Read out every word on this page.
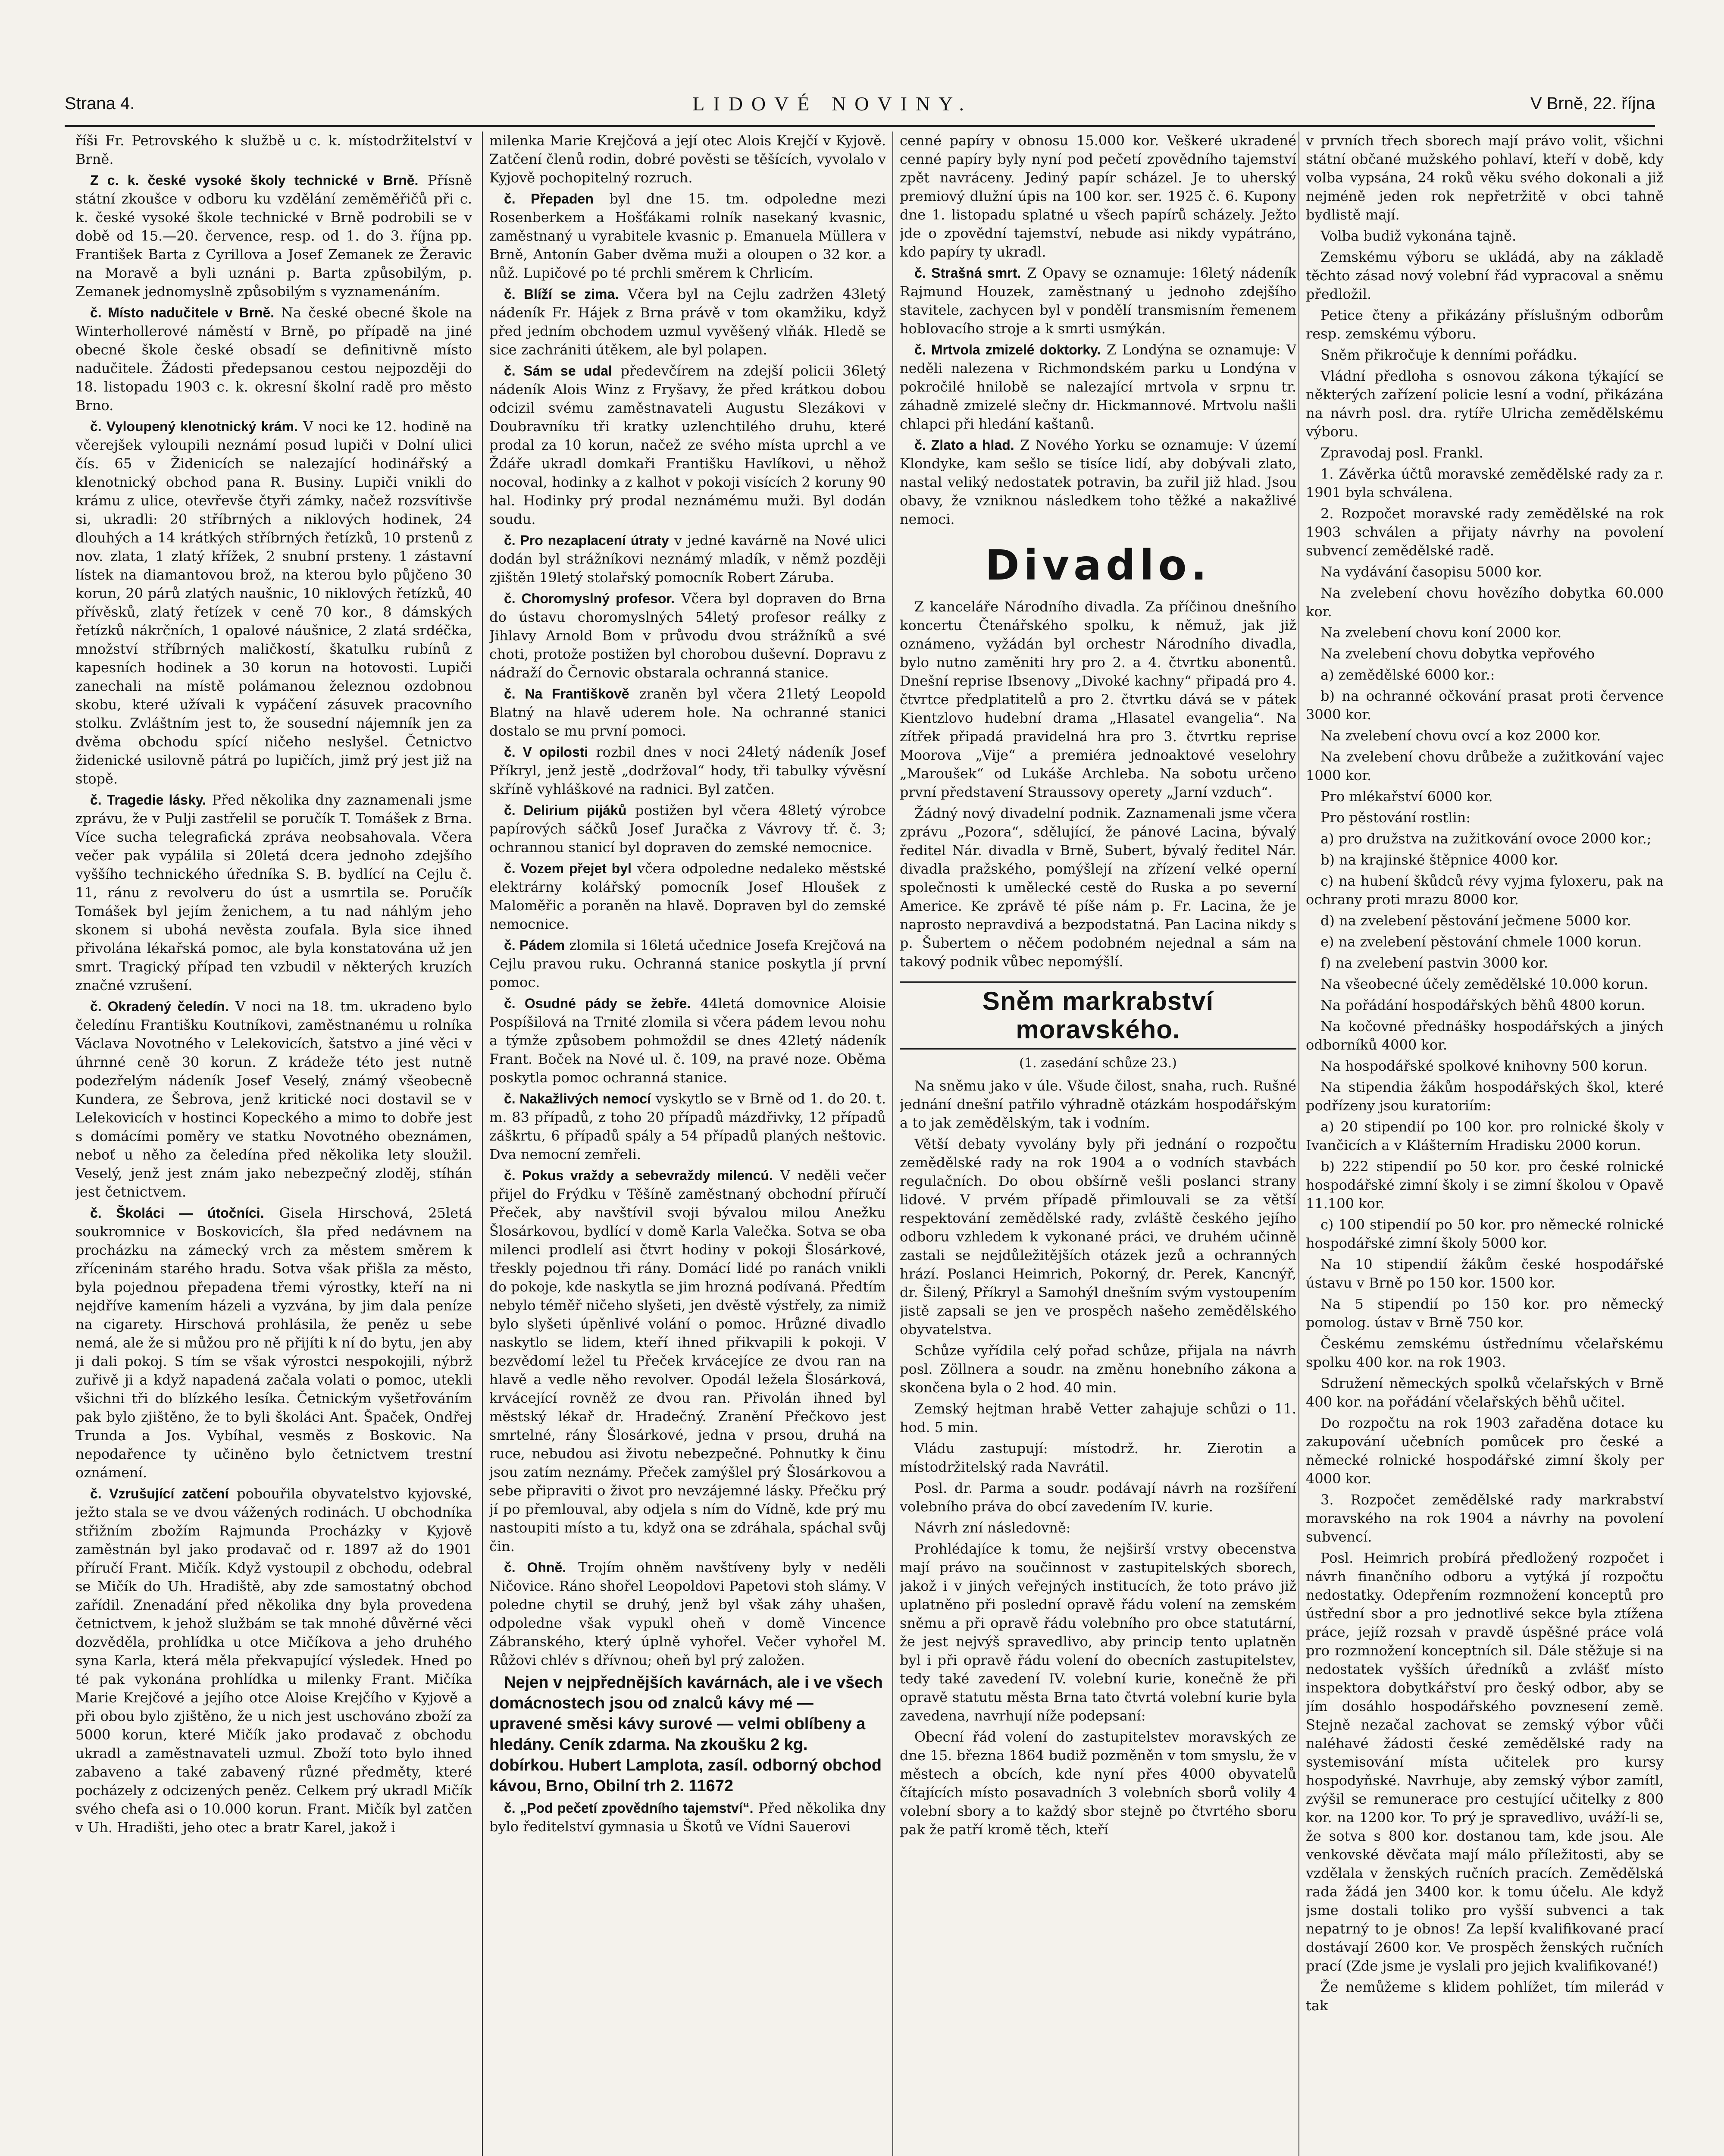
Strana 4.	LIDOVÉ NOVINY.	V Brně, 22. října

říši Fr. Petrovského k službě u c. k. místodržitelství v Brně.

Z c. k. české vysoké školy technické v Brně. Přísně státní zkoušce v odboru ku vzdělání zeměměřičů při c. k. české vysoké škole technické v Brně podrobili se v době od 15.—20. července, resp. od 1. do 3. října pp. František Barta z Cyrillova a Josef Zemanek ze Žeravic na Moravě a byli uznáni p. Barta způsobilým, p. Zemanek jednomyslně způsobilým s vyznamenáním.

č. Místo nadučitele v Brně. Na české obecné škole na Winterhollerové náměstí v Brně, po případě na jiné obecné škole české obsadí se definitivně místo nadučitele. Žádosti předepsanou cestou nejpozději do 18. listopadu 1903 c. k. okresní školní radě pro město Brno.

č. Vyloupený klenotnický krám. V noci ke 12. hodině na včerejšek vyloupili neznámí posud lupiči v Dolní ulici čís. 65 v Židenicích se nalezající hodinářský a klenotnický obchod pana R. Businy. Lupiči vnikli do krámu z ulice, otevřevše čtyři zámky, načež rozsvítivše si, ukradli: 20 stříbrných a niklových hodinek, 24 dlouhých a 14 krátkých stříbrných řetízků, 10 prstenů z nov. zlata, 1 zlatý křížek, 2 snubní prsteny. 1 zástavní lístek na diamantovou brož, na kterou bylo půjčeno 30 korun, 20 párů zlatých naušnic, 10 niklových řetízků, 40 přívěsků, zlatý řetízek v ceně 70 kor., 8 dámských řetízků nákrčních, 1 opalové náušnice, 2 zlatá srdéčka, množství stříbrných maličkostí, škatulku rubínů z kapesních hodinek a 30 korun na hotovosti. Lupiči zanechali na místě polámanou železnou ozdobnou skobu, které užívali k vypáčení zásuvek pracovního stolku. Zvláštním jest to, že sousední nájemník jen za dvěma obchodu spící ničeho neslyšel. Četnictvo židenické usilovně pátrá po lupičích, jimž prý jest již na stopě.

č. Tragedie lásky. Před několika dny zaznamenali jsme zprávu, že v Pulji zastřelil se poručík T. Tomášek z Brna. Více sucha telegrafická zpráva neobsahovala. Včera večer pak vypálila si 20letá dcera jednoho zdejšího vyššího technického úředníka S. B. bydlící na Cejlu č. 11, ránu z revolveru do úst a usmrtila se. Poručík Tomášek byl jejím ženichem, a tu nad náhlým jeho skonem si ubohá nevěsta zoufala. Byla sice ihned přivolána lékařská pomoc, ale byla konstatována už jen smrt. Tragický případ ten vzbudil v některých kruzích značné vzrušení.

č. Okradený čeledín. V noci na 18. tm. ukradeno bylo čeledínu Františku Koutníkovi, zaměstnanému u rolníka Václava Novotného v Lelekovicích, šatstvo a jiné věci v úhrnné ceně 30 korun. Z krádeže této jest nutně podezřelým nádeník Josef Veselý, známý všeobecně Kundera, ze Šebrova, jenž kritické noci dostavil se v Lelekovicích v hostinci Kopeckého a mimo to dobře jest s domácími poměry ve statku Novotného obeznámen, neboť u něho za čeledína před několika lety sloužil. Veselý, jenž jest znám jako nebezpečný zloděj, stíhán jest četnictvem.

č. Školáci — útočníci. Gisela Hirschová, 25letá soukromnice v Boskovicích, šla před nedávnem na procházku na zámecký vrch za městem směrem k zříceninám starého hradu. Sotva však přišla za město, byla pojednou přepadena třemi výrostky, kteří na ni nejdříve kamením házeli a vyzvána, by jim dala peníze na cigarety. Hirschová prohlásila, že peněz u sebe nemá, ale že si můžou pro ně přijíti k ní do bytu, jen aby ji dali pokoj. S tím se však výrostci nespokojili, nýbrž zuřivě ji a když napadená začala volati o pomoc, utekli všichni tři do blízkého lesíka. Četnickým vyšetřováním pak bylo zjištěno, že to byli školáci Ant. Špaček, Ondřej Trunda a Jos. Vybíhal, vesměs z Boskovic. Na nepodařence ty učiněno bylo četnictvem trestní oznámení.

č. Vzrušující zatčení pobouřila obyvatelstvo kyjovské, ježto stala se ve dvou vážených rodinách. U obchodníka střižním zbožím Rajmunda Procházky v Kyjově zaměstnán byl jako prodavač od r. 1897 až do 1901 příručí Frant. Mičík. Když vystoupil z obchodu, odebral se Mičík do Uh. Hradiště, aby zde samostatný obchod zařídil. Znenadání před několika dny byla provedena četnictvem, k jehož službám se tak mnohé důvěrné věci dozvěděla, prohlídka u otce Mičíkova a jeho druhého syna Karla, která měla překvapující výsledek. Hned po té pak vykonána prohlídka u milenky Frant. Mičíka Marie Krejčové a jejího otce Aloise Krejčího v Kyjově a při obou bylo zjištěno, že u nich jest uschováno zboží za 5000 korun, které Mičík jako prodavač z obchodu ukradl a zaměstnavateli uzmul. Zboží toto bylo ihned zabaveno a také zabavený různé předměty, které pocházely z odcizených peněz. Celkem prý ukradl Mičík svého chefa asi o 10.000 korun. Frant. Mičík byl zatčen v Uh. Hradišti, jeho otec a bratr Karel, jakož i

milenka Marie Krejčová a její otec Alois Krejčí v Kyjově. Zatčení členů rodin, dobré pověsti se těšících, vyvolalo v Kyjově pochopitelný rozruch.

č. Přepaden byl dne 15. tm. odpoledne mezi Rosenberkem a Hošťákami rolník nasekaný kvasnic, zaměstnaný u vyrabitele kvasnic p. Emanuela Müllera v Brně, Antonín Gaber dvěma muži a oloupen o 32 kor. a nůž. Lupičové po té prchli směrem k Chrlicím.

č. Blíží se zima. Včera byl na Cejlu zadržen 43letý nádeník Fr. Hájek z Brna právě v tom okamžiku, když před jedním obchodem uzmul vyvěšený vlňák. Hledě se sice zachrániti útěkem, ale byl polapen.

č. Sám se udal předevčírem na zdejší policii 36letý nádeník Alois Winz z Fryšavy, že před krátkou dobou odcizil svému zaměstnavateli Augustu Slezákovi v Doubravníku tři kratky uzlenchtilého druhu, které prodal za 10 korun, načež ze svého místa uprchl a ve Ždáře ukradl domkaři Františku Havlíkovi, u něhož nocoval, hodinky a z kalhot v pokoji visících 2 koruny 90 hal. Hodinky prý prodal neznámému muži. Byl dodán soudu.

č. Pro nezaplacení útraty v jedné kavárně na Nové ulici dodán byl strážníkovi neznámý mladík, v němž později zjištěn 19letý stolařský pomocník Robert Záruba.

č. Choromyslný profesor. Včera byl dopraven do Brna do ústavu choromyslných 54letý profesor reálky z Jihlavy Arnold Bom v průvodu dvou strážníků a své choti, protože postižen byl chorobou duševní. Dopravu z nádraží do Černovic obstarala ochranná stanice.

č. Na Františkově zraněn byl včera 21letý Leopold Blatný na hlavě uderem hole. Na ochranné stanici dostalo se mu první pomoci.

č. V opilosti rozbil dnes v noci 24letý nádeník Josef Příkryl, jenž jestě „dodržoval“ hody, tři tabulky vývěsní skříně vyhláškové na radnici. Byl zatčen.

č. Delirium pijáků postižen byl včera 48letý výrobce papírových sáčků Josef Juračka z Vávrovy tř. č. 3; ochrannou stanicí byl dopraven do zemské nemocnice.

č. Vozem přejet byl včera odpoledne nedaleko městské elektrárny kolářský pomocník Josef Hloušek z Maloměřic a poraněn na hlavě. Dopraven byl do zemské nemocnice.

č. Pádem zlomila si 16letá učednice Josefa Krejčová na Cejlu pravou ruku. Ochranná stanice poskytla jí první pomoc.

č. Osudné pády se žebře. 44letá domovnice Aloisie Pospíšilová na Trnité zlomila si včera pádem levou nohu a týmže způsobem pohmoždil se dnes 42letý nádeník Frant. Boček na Nové ul. č. 109, na pravé noze. Oběma poskytla pomoc ochranná stanice.

č. Nakažlivých nemocí vyskytlo se v Brně od 1. do 20. t. m. 83 případů, z toho 20 případů mázdřivky, 12 případů záškrtu, 6 případů spály a 54 případů planých neštovic. Dva nemocní zemřeli.

č. Pokus vraždy a sebevraždy milencú. V neděli večer přijel do Frýdku v Těšíně zaměstnaný obchodní příručí Přeček, aby navštívil svoji bývalou milou Anežku Šlosárkovou, bydlící v domě Karla Valečka. Sotva se oba milenci prodlelí asi čtvrt hodiny v pokoji Šlosárkové, třeskly pojednou tři rány. Domácí lidé po ranách vnikli do pokoje, kde naskytla se jim hrozná podívaná. Předtím nebylo téměř ničeho slyšeti, jen dvěstě výstřely, za nimiž bylo slyšeti úpěnlivé volání o pomoc. Hrůzné divadlo naskytlo se lidem, kteří ihned přikvapili k pokoji. V bezvědomí ležel tu Přeček krvácejíce ze dvou ran na hlavě a vedle něho revolver. Opodál ležela Šlosárková, krvácející rovněž ze dvou ran. Přivolán ihned byl městský lékař dr. Hradečný. Zranění Přečkovo jest smrtelné, rány Šlosárkové, jedna v prsou, druhá na ruce, nebudou asi životu nebezpečné. Pohnutky k činu jsou zatím neznámy. Přeček zamýšlel prý Šlosárkovou a sebe připraviti o život pro nevzájemné lásky. Přečku prý jí po přemlouval, aby odjela s ním do Vídně, kde prý mu nastoupiti místo a tu, když ona se zdráhala, spáchal svůj čin.

č. Ohně. Trojím ohněm navštíveny byly v neděli Ničovice. Ráno shořel Leopoldovi Papetovi stoh slámy. V poledne chytil se druhý, jenž byl však záhy uhašen, odpoledne však vypukl oheň v domě Vincence Zábranského, který úplně vyhořel. Večer vyhořel M. Růžovi chlév s dřívnou; oheň byl prý založen.

Nejen v nejpřednějších kavárnách, ale i ve všech domácnostech jsou od znalců kávy mé — upravené směsi kávy surové — velmi oblíbeny a hledány. Ceník zdarma. Na zkoušku 2 kg. dobírkou. Hubert Lamplota, zasíl. odborný obchod kávou, Brno, Obilní trh 2. 11672

č. „Pod pečetí zpovědního tajemství“. Před několika dny bylo ředitelství gymnasia u Škotů ve Vídni Sauerovi

cenné papíry v obnosu 15.000 kor. Veškeré ukradené cenné papíry byly nyní pod pečetí zpovědního tajemství zpět navráceny. Jediný papír scházel. Je to uherský premiový dlužní úpis na 100 kor. ser. 1925 č. 6. Kupony dne 1. listopadu splatné u všech papírů scházely. Ježto jde o zpovědní tajemství, nebude asi nikdy vypátráno, kdo papíry ty ukradl.

č. Strašná smrt. Z Opavy se oznamuje: 16letý nádeník Rajmund Houzek, zaměstnaný u jednoho zdejšího stavitele, zachycen byl v pondělí transmisním řemenem hoblovacího stroje a k smrti usmýkán.

č. Mrtvola zmizelé doktorky. Z Londýna se oznamuje: V neděli nalezena v Richmondském parku u Londýna v pokročilé hnilobě se nalezající mrtvola v srpnu tr. záhadně zmizelé slečny dr. Hickmannové. Mrtvolu našli chlapci při hledání kaštanů.

č. Zlato a hlad. Z Nového Yorku se oznamuje: V území Klondyke, kam sešlo se tisíce lidí, aby dobývali zlato, nastal veliký nedostatek potravin, ba zuřil již hlad. Jsou obavy, že vzniknou následkem toho těžké a nakažlivé nemoci.

Divadlo.

Z kanceláře Národního divadla. Za příčinou dnešního koncertu Čtenářského spolku, k němuž, jak již oznámeno, vyžádán byl orchestr Národního divadla, bylo nutno zaměniti hry pro 2. a 4. čtvrtku abonentů. Dnešní reprise Ibsenovy „Divoké kachny“ připadá pro 4. čtvrtce předplatitelů a pro 2. čtvrtku dává se v pátek Kientzlovo hudební drama „Hlasatel evangelia“. Na zítřek připadá pravidelná hra pro 3. čtvrtku reprise Moorova „Vije“ a premiéra jednoaktové veselohry „Maroušek“ od Lukáše Archleba. Na sobotu určeno první představení Straussovy operety „Jarní vzduch“.

Žádný nový divadelní podnik. Zaznamenali jsme včera zprávu „Pozora“, sdělující, že pánové Lacina, bývalý ředitel Nár. divadla v Brně, Subert, bývalý ředitel Nár. divadla pražského, pomýšlejí na zřízení velké operní společnosti k umělecké cestě do Ruska a po severní Americe. Ke zprávě té píše nám p. Fr. Lacina, že je naprosto nepravdivá a bezpodstatná. Pan Lacina nikdy s p. Šubertem o něčem podobném nejednal a sám na takový podnik vůbec nepomýšlí.

Sněm markrabství moravského.
(1. zasedání schůze 23.)

Na sněmu jako v úle. Všude čilost, snaha, ruch. Rušné jednání dnešní patřilo výhradně otázkám hospodářským a to jak zemědělským, tak i vodním.

Větší debaty vyvolány byly při jednání o rozpočtu zemědělské rady na rok 1904 a o vodních stavbách regulačních. Do obou obšírně vešli poslanci strany lidové. V prvém případě přimlouvali se za větší respektování zemědělské rady, zvláště českého jejího odboru vzhledem k vykonané práci, ve druhém učinně zastali se nejdůležitějších otázek jezů a ochranných hrází. Poslanci Heimrich, Pokorný, dr. Perek, Kancnýř, dr. Šilený, Příkryl a Samohýl dnešním svým vystoupením jistě zapsali se jen ve prospěch našeho zemědělského obyvatelstva.

Schůze vyřídila celý pořad schůze, přijala na návrh posl. Zöllnera a soudr. na změnu honebního zákona a skončena byla o 2 hod. 40 min.

Zemský hejtman hrabě Vetter zahajuje schůzi o 11. hod. 5 min.

Vládu zastupují: místodrž. hr. Zierotin a místodržitelský rada Navrátil.

Posl. dr. Parma a soudr. podávají návrh na rozšíření volebního práva do obcí zavedením IV. kurie.

Návrh zní následovně:

Prohlédajíce k tomu, že nejširší vrstvy obecenstva mají právo na součinnost v zastupitelských sborech, jakož i v jiných veřejných institucích, že toto právo již uplatněno při poslední opravě řádu volení na zemském sněmu a při opravě řádu volebního pro obce statutární, že jest nejvýš spravedlivo, aby princip tento uplatněn byl i při opravě řádu volení do obecních zastupitelstev, tedy také zavedení IV. volební kurie, konečně že při opravě statutu města Brna tato čtvrtá volební kurie byla zavedena, navrhují níže podepsaní:

Obecní řád volení do zastupitelstev moravských ze dne 15. března 1864 budiž pozměněn v tom smyslu, že v městech a obcích, kde nyní přes 4000 obyvatelů čítajících místo posavadních 3 volebních sborů volily 4 volební sbory a to každý sbor stejně po čtvrtého sboru pak že patří kromě těch, kteří

v prvních třech sborech mají právo volit, všichni státní občané mužského pohlaví, kteří v době, kdy volba vypsána, 24 roků věku svého dokonali a již nejméně jeden rok nepřetržitě v obci tahně bydlistě mají.

Volba budiž vykonána tajně.

Zemskému výboru se ukládá, aby na základě těchto zásad nový volební řád vypracoval a sněmu předložil.

Petice čteny a přikázány příslušným odborům resp. zemskému výboru.

Sněm přikročuje k denními pořádku.

Vládní předloha s osnovou zákona týkající se některých zařízení policie lesní a vodní, přikázána na návrh posl. dra. rytíře Ulricha zemědělskému výboru.

Zpravodaj posl. Frankl.

1. Závěrka účtů moravské zemědělské rady za r. 1901 byla schválena.

2. Rozpočet moravské rady zemědělské na rok 1903 schválen a přijaty návrhy na povolení subvencí zemědělské radě.

Na vydávání časopisu 5000 kor.

Na zvelebení chovu hovězího dobytka 60.000 kor.

Na zvelebení chovu koní 2000 kor.

Na zvelebení chovu dobytka vepřového

a) zemědělské 6000 kor.:

b) na ochranné očkování prasat proti července 3000 kor.

Na zvelebení chovu ovcí a koz 2000 kor.

Na zvelebení chovu drůbeže a zužitkování vajec 1000 kor.

Pro mlékařství 6000 kor.

Pro pěstování rostlin:

a) pro družstva na zužitkování ovoce 2000 kor.;

b) na krajinské štěpnice 4000 kor.

c) na hubení škůdců révy vyjma fyloxeru, pak na ochrany proti mrazu 8000 kor.

d) na zvelebení pěstování ječmene 5000 kor.

e) na zvelebení pěstování chmele 1000 korun.

f) na zvelebení pastvin 3000 kor.

Na všeobecné účely zemědělské 10.000 korun.

Na pořádání hospodářských běhů 4800 korun.

Na kočovné přednášky hospodářských a jiných odborníků 4000 kor.

Na hospodářské spolkové knihovny 500 korun.

Na stipendia žákům hospodářských škol, které podřízeny jsou kuratoriím:

a) 20 stipendií po 100 kor. pro rolnické školy v Ivančicích a v Klášterním Hradisku 2000 korun.

b) 222 stipendií po 50 kor. pro české rolnické hospodářské zimní školy i se zimní školou v Opavě 11.100 kor.

c) 100 stipendií po 50 kor. pro německé rolnické hospodářské zimní školy 5000 kor.

Na 10 stipendií žákům české hospodářské ústavu v Brně po 150 kor. 1500 kor.

Na 5 stipendií po 150 kor. pro německý pomolog. ústav v Brně 750 kor.

Českému zemskému ústřednímu včelařskému spolku 400 kor. na rok 1903.

Sdružení německých spolků včelařských v Brně 400 kor. na pořádání včelařských běhů učitel.

Do rozpočtu na rok 1903 zařaděna dotace ku zakupování učebních pomůcek pro české a německé rolnické hospodářské zimní školy per 4000 kor.

3. Rozpočet zemědělské rady markrabství moravského na rok 1904 a návrhy na povolení subvencí.

Posl. Heimrich probírá předložený rozpočet i návrh finančního odboru a vytýká jí rozpočtu nedostatky. Odepřením rozmnožení konceptů pro ústřední sbor a pro jednotlivé sekce byla ztížena práce, jejíž rozsah v pravdě úspěšné práce volá pro rozmnožení konceptních sil. Dále stěžuje si na nedostatek vyšších úředníků a zvlášť místo inspektora dobytkářství pro český odbor, aby se jím dosáhlo hospodářského povznesení země. Stejně nezačal zachovat se zemský výbor vůči naléhavé žádosti české zemědělské rady na systemisování místa učitelek pro kursy hospodyňské. Navrhuje, aby zemský výbor zamítl, zvýšil se remunerace pro cestující učitelky z 800 kor. na 1200 kor. To prý je spravedlivo, uváží-li se, že sotva s 800 kor. dostanou tam, kde jsou. Ale venkovské děvčata mají málo příležitosti, aby se vzdělala v ženských ručních pracích. Zemědělská rada žádá jen 3400 kor. k tomu účelu. Ale když jsme dostali toliko pro vyšší subvenci a tak nepatrný to je obnos! Za lepší kvalifikované prací dostávají 2600 kor. Ve prospěch ženských ručních prací (Zde jsme je vyslali pro jejich kvalifikované!)

Že nemůžeme s klidem pohlížet, tím milerád v tak
